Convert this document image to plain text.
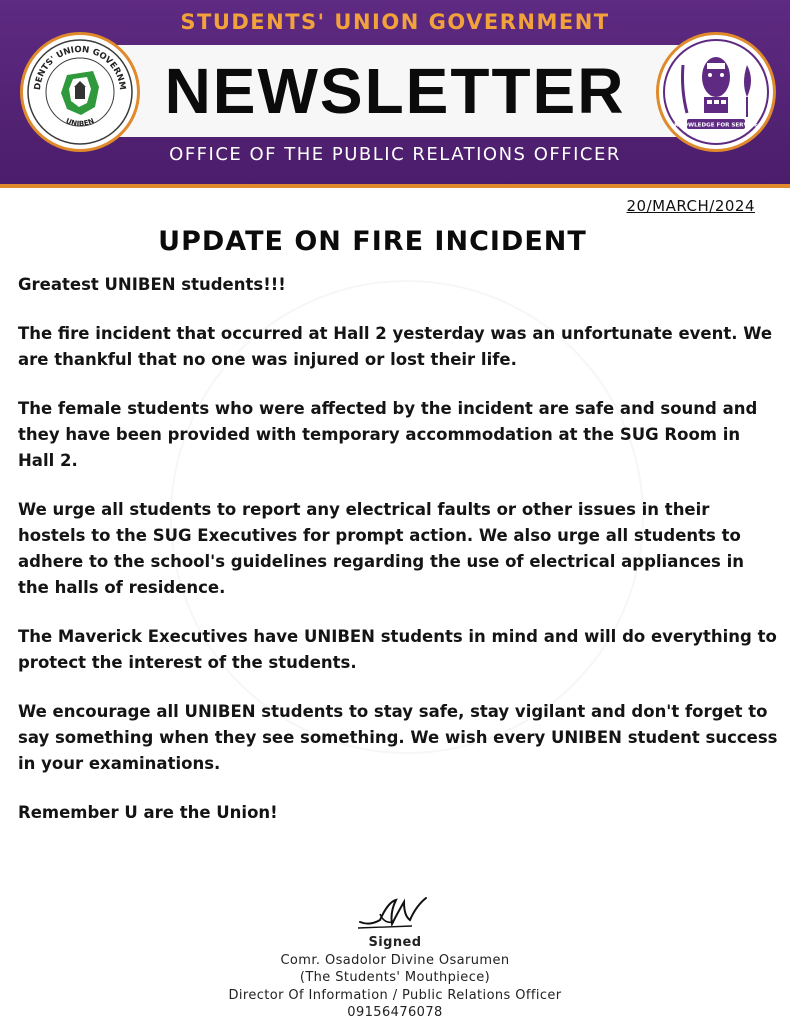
STUDENTS' UNION GOVERNMENT
NEWSLETTER
OFFICE OF THE PUBLIC RELATIONS OFFICER
DENTS' UNION GOVERNM
UNIBEN	KNOWLEDGE FOR SERVICE
20/MARCH/2024
UPDATE ON FIRE INCIDENT

Greatest UNIBEN students!!!

The fire incident that occurred at Hall 2 yesterday was an unfortunate event. We are thankful that no one was injured or lost their life.

The female students who were affected by the incident are safe and sound and they have been provided with temporary accommodation at the SUG Room in Hall 2.

We urge all students to report any electrical faults or other issues in their hostels to the SUG Executives for prompt action. We also urge all students to adhere to the school's guidelines regarding the use of electrical appliances in the halls of residence.

The Maverick Executives have UNIBEN students in mind and will do everything to protect the interest of the students.

We encourage all UNIBEN students to stay safe, stay vigilant and don't forget to say something when they see something. We wish every UNIBEN student success in your examinations.

Remember U are the Union!

Signed
Comr. Osadolor Divine Osarumen
(The Students' Mouthpiece)
Director Of Information / Public Relations Officer
09156476078
